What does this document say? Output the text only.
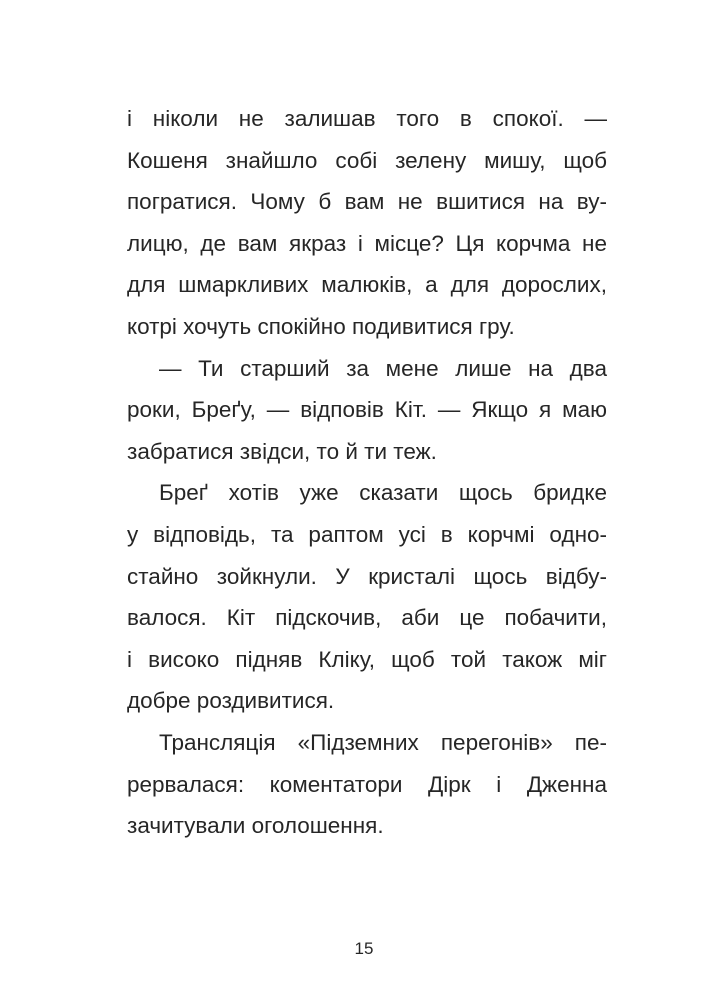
і ніколи не залишав того в спокої. —
Кошеня знайшло собі зелену мишу, щоб
погратися. Чому б вам не вшитися на ву-
лицю, де вам якраз і місце? Ця корчма не
для шмаркливих малюків, а для дорослих,
котрі хочуть спокійно подивитися гру.
— Ти старший за мене лише на два
роки, Бреґу, — відповів Кіт. — Якщо я маю
забратися звідси, то й ти теж.
Бреґ хотів уже сказати щось бридке
у відповідь, та раптом усі в корчмі одно-
стайно зойкнули. У кристалі щось відбу-
валося. Кіт підскочив, аби це побачити,
і високо підняв Кліку, щоб той також міг
добре роздивитися.
Трансляція «Підземних перегонів» пе-
рервалася: коментатори Дірк і Дженна
зачитували оголошення.
15
